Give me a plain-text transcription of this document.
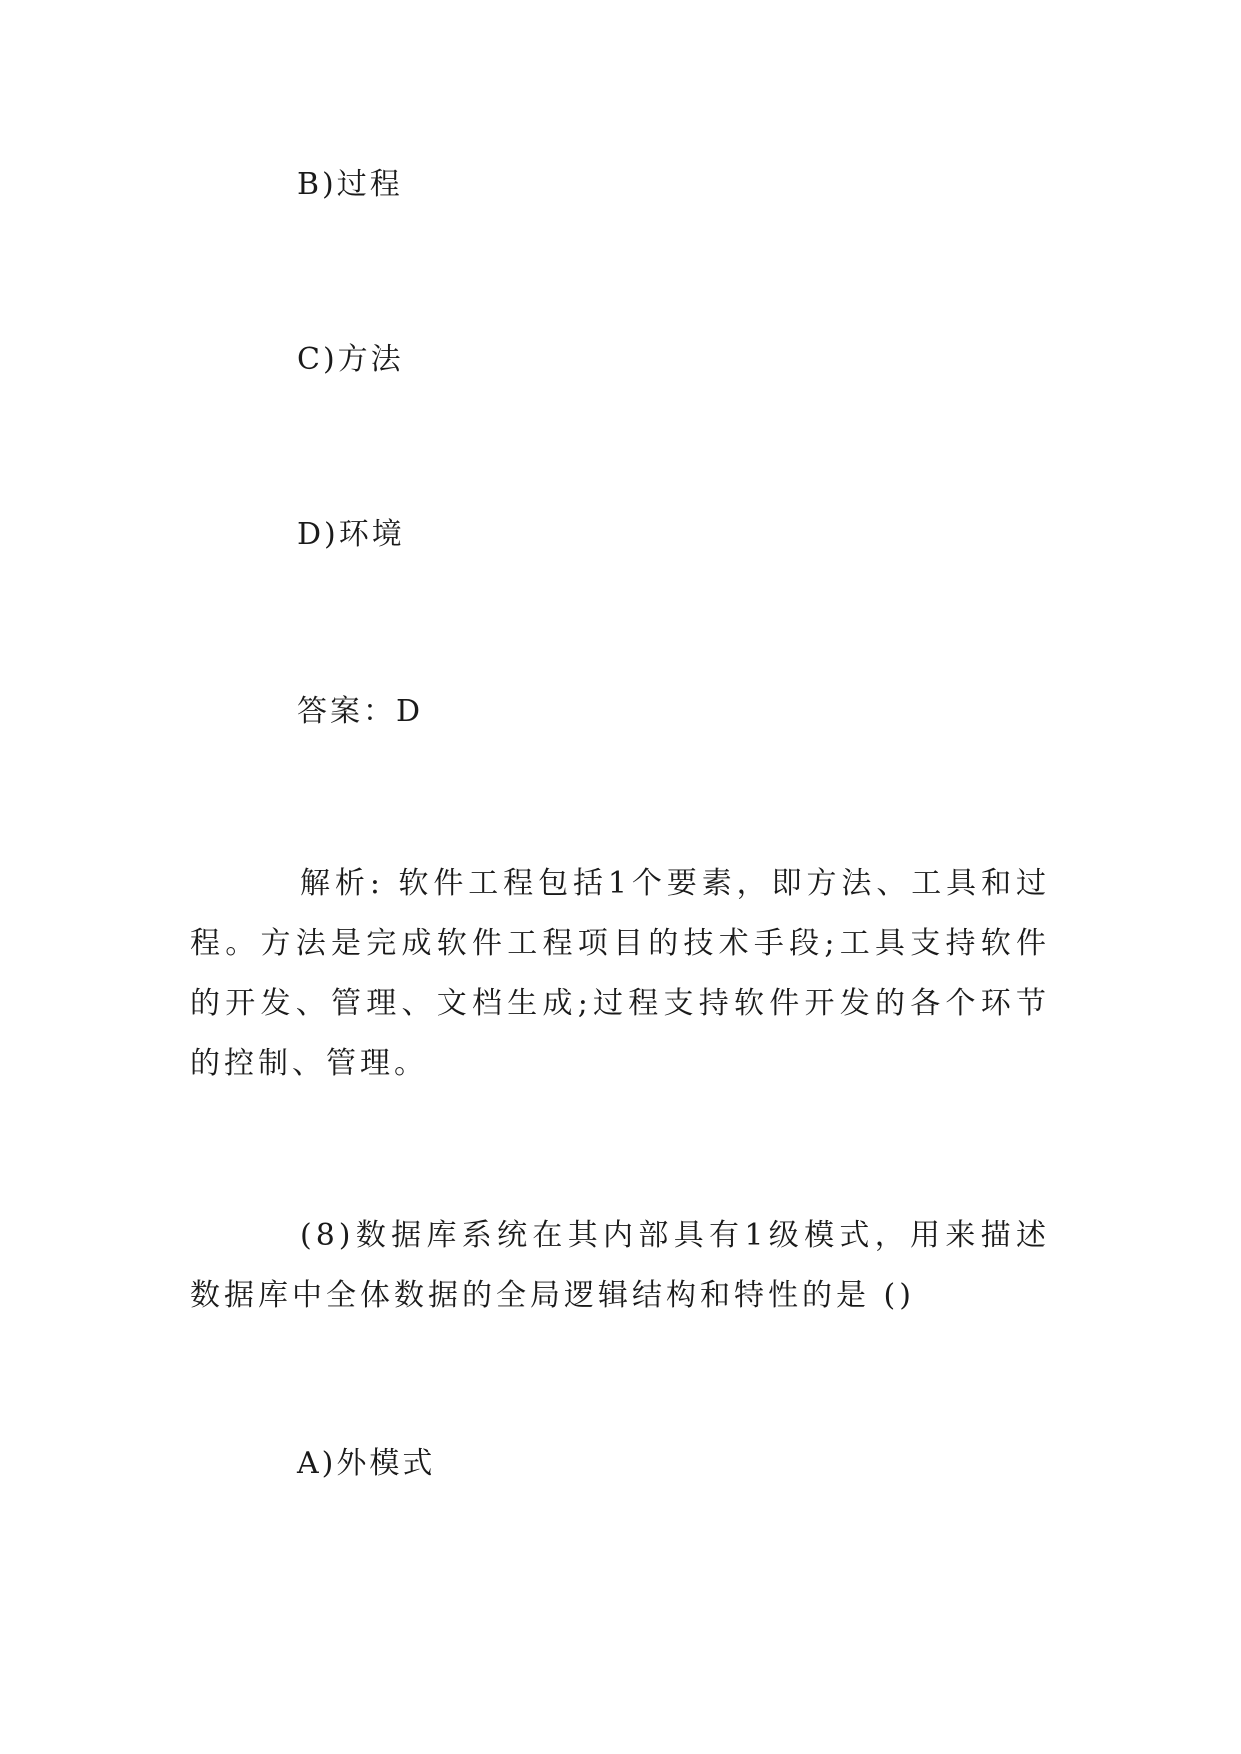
B)过程
C)方法
D)环境
答案：D
解析: 软件工程包括1个要素，即方法、工具和过程。方法是完成软件工程项目的技术手段;工具支持软件的开发、管理、文档生成;过程支持软件开发的各个环节的控制、管理。
(8)数据库系统在其内部具有1级模式，用来描述数据库中全体数据的全局逻辑结构和特性的是 ()
A)外模式
